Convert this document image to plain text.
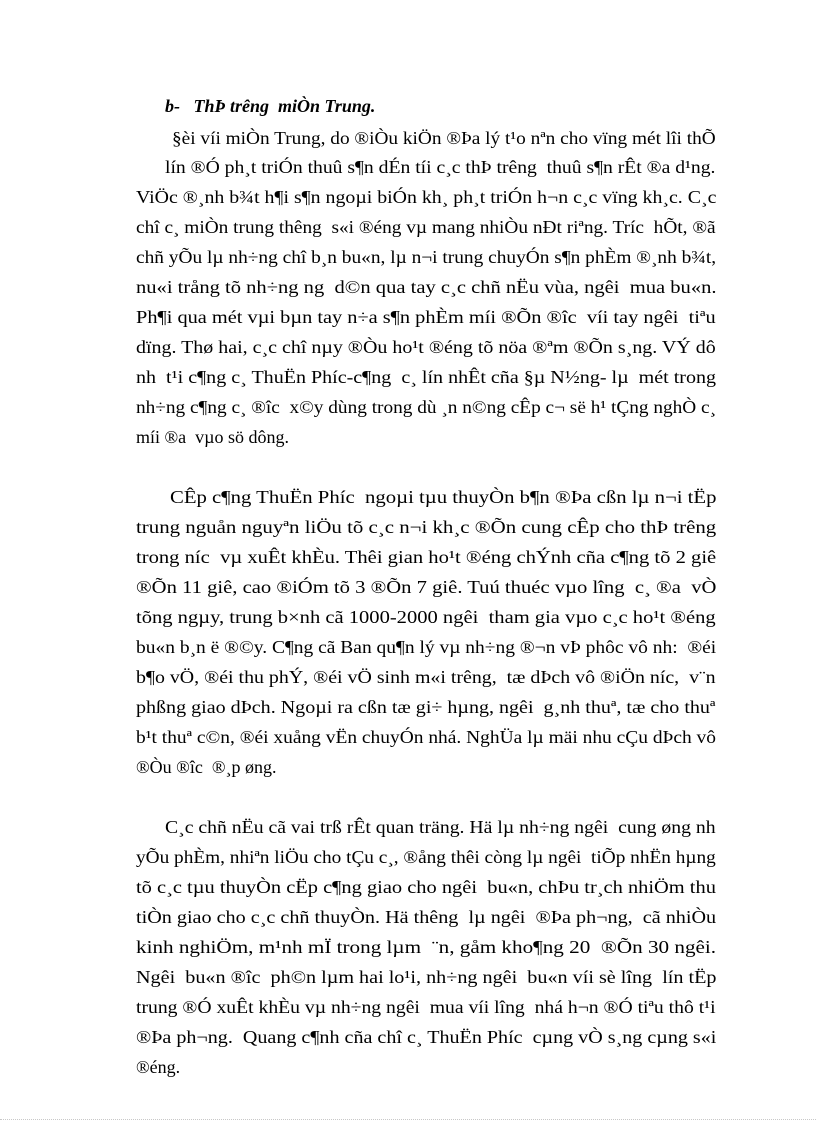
b-   ThÞ trêng  miÒn Trung.
§èi víi miÒn Trung, do ®iÒu kiÖn ®Þa lý t¹o nªn cho vïng mét lîi thÕ
lín ®Ó ph¸t triÓn thuû s¶n dÉn tíi c¸c thÞ trêng  thuû s¶n rÊt ®a d¹ng.
ViÖc ®¸nh b¾t h¶i s¶n ngoµi biÓn kh¸ ph¸t triÓn h¬n c¸c vïng kh¸c. C¸c
chî c¸ miÒn trung thêng  s«i ®éng vµ mang nhiÒu nÐt riªng. Tríc  hÕt, ®ã
chñ yÕu lµ nh÷ng chî b¸n bu«n, lµ n¬i trung chuyÓn s¶n phÈm ®¸nh b¾t,
nu«i trång tõ nh÷ng ng  d©n qua tay c¸c chñ nËu vùa, ngêi  mua bu«n.
Ph¶i qua mét vµi bµn tay n÷a s¶n phÈm míi ®Õn ®îc  víi tay ngêi  tiªu
dïng. Thø hai, c¸c chî nµy ®Òu ho¹t ®éng tõ nöa ®ªm ®Õn s¸ng. VÝ dô
nh  t¹i c¶ng c¸ ThuËn Phíc-c¶ng  c¸ lín nhÊt cña §µ N½ng- lµ  mét trong
nh÷ng c¶ng c¸ ®îc  x©y dùng trong dù ¸n n©ng cÊp c¬ së h¹ tÇng nghÒ c¸
míi ®a  vµo sö dông.
CÊp c¶ng ThuËn Phíc  ngoµi tµu thuyÒn b¶n ®Þa cßn lµ n¬i tËp
trung nguån nguyªn liÖu tõ c¸c n¬i kh¸c ®Õn cung cÊp cho thÞ trêng
trong níc  vµ xuÊt khÈu. Thêi gian ho¹t ®éng chÝnh cña c¶ng tõ 2 giê
®Õn 11 giê, cao ®iÓm tõ 3 ®Õn 7 giê. Tuú thuéc vµo lîng  c¸ ®a  vÒ
tõng ngµy, trung b×nh cã 1000-2000 ngêi  tham gia vµo c¸c ho¹t ®éng
bu«n b¸n ë ®©y. C¶ng cã Ban qu¶n lý vµ nh÷ng ®¬n vÞ phôc vô nh:  ®éi
b¶o vÖ, ®éi thu phÝ, ®éi vÖ sinh m«i trêng,  tæ dÞch vô ®iÖn níc,  v¨n
phßng giao dÞch. Ngoµi ra cßn tæ gi÷ hµng, ngêi  g¸nh thuª, tæ cho thuª
b¹t thuª c©n, ®éi xuång vËn chuyÓn nhá. NghÜa lµ mäi nhu cÇu dÞch vô
®Òu ®îc  ®¸p øng.
C¸c chñ nËu cã vai trß rÊt quan träng. Hä lµ nh÷ng ngêi  cung øng nh
yÕu phÈm, nhiªn liÖu cho tÇu c¸, ®ång thêi còng lµ ngêi  tiÕp nhËn hµng
tõ c¸c tµu thuyÒn cËp c¶ng giao cho ngêi  bu«n, chÞu tr¸ch nhiÖm thu
tiÒn giao cho c¸c chñ thuyÒn. Hä thêng  lµ ngêi  ®Þa ph¬ng,  cã nhiÒu
kinh nghiÖm, m¹nh mÏ trong lµm  ¨n, gåm kho¶ng 20  ®Õn 30 ngêi.
Ngêi  bu«n ®îc  ph©n lµm hai lo¹i, nh÷ng ngêi  bu«n víi sè lîng  lín tËp
trung ®Ó xuÊt khÈu vµ nh÷ng ngêi  mua víi lîng  nhá h¬n ®Ó tiªu thô t¹i
®Þa ph¬ng.  Quang c¶nh cña chî c¸ ThuËn Phíc  cµng vÒ s¸ng cµng s«i
®éng.
